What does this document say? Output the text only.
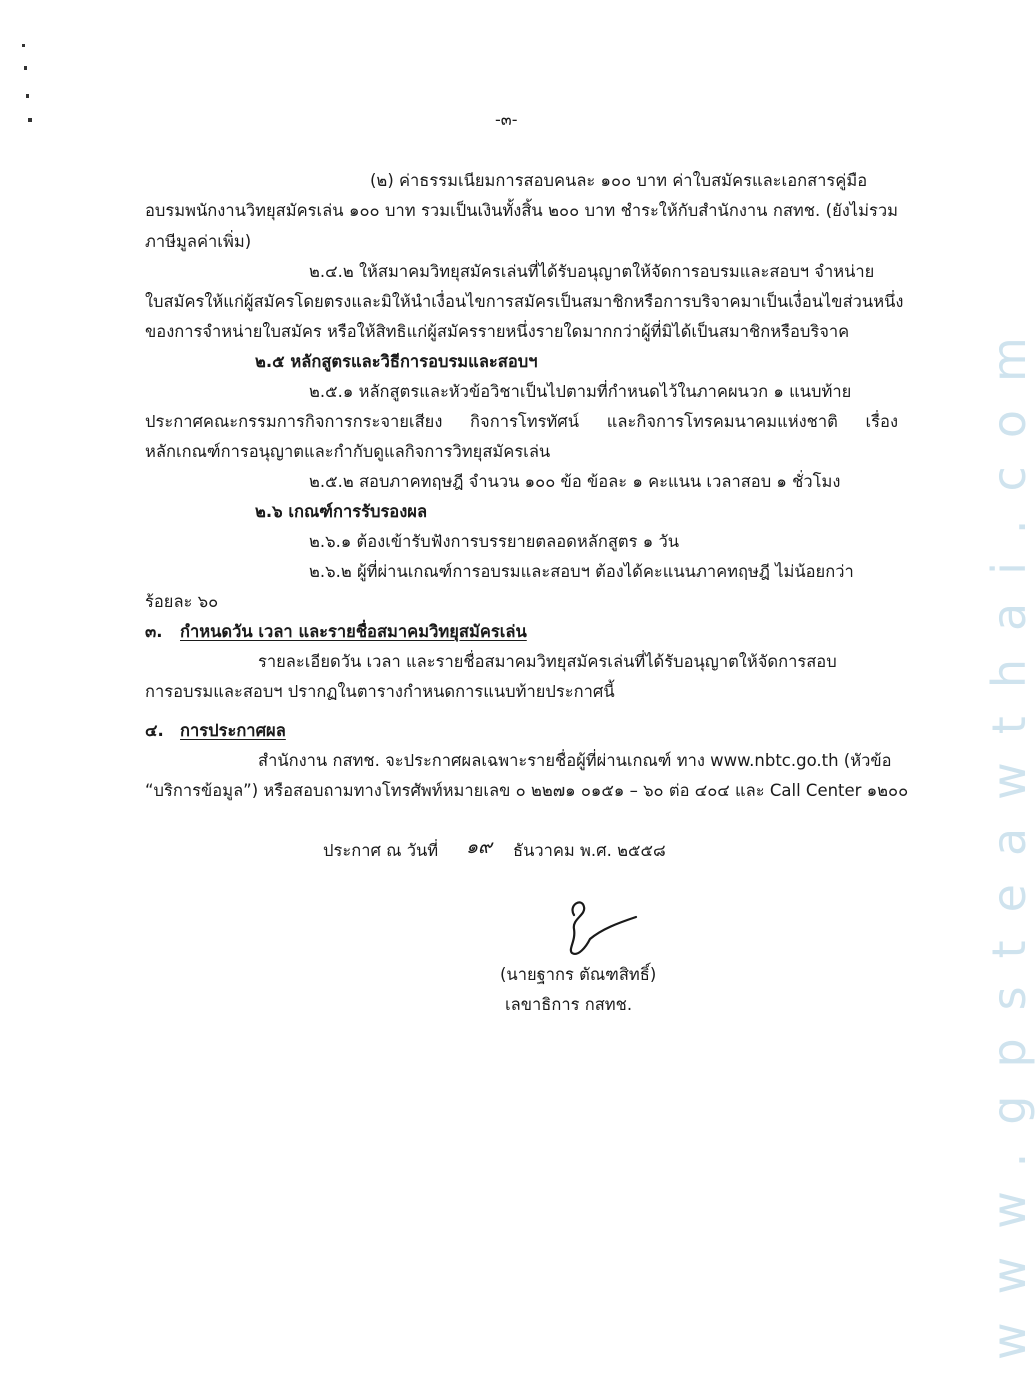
www.gpsteawthai.com
-๓-
(๒) ค่าธรรมเนียมการสอบคนละ ๑๐๐ บาท ค่าใบสมัครและเอกสารคู่มือ
อบรมพนักงานวิทยุสมัครเล่น ๑๐๐ บาท รวมเป็นเงินทั้งสิ้น ๒๐๐ บาท ชำระให้กับสำนักงาน กสทช. (ยังไม่รวม
ภาษีมูลค่าเพิ่ม)
๒.๔.๒ ให้สมาคมวิทยุสมัครเล่นที่ได้รับอนุญาตให้จัดการอบรมและสอบฯ จำหน่าย
ใบสมัครให้แก่ผู้สมัครโดยตรงและมิให้นำเงื่อนไขการสมัครเป็นสมาชิกหรือการบริจาคมาเป็นเงื่อนไขส่วนหนึ่ง
ของการจำหน่ายใบสมัคร หรือให้สิทธิแก่ผู้สมัครรายหนึ่งรายใดมากกว่าผู้ที่มิได้เป็นสมาชิกหรือบริจาค
๒.๕ หลักสูตรและวิธีการอบรมและสอบฯ
๒.๕.๑ หลักสูตรและหัวข้อวิชาเป็นไปตามที่กำหนดไว้ในภาคผนวก ๑ แนบท้าย
ประกาศคณะกรรมการกิจการกระจายเสียง กิจการโทรทัศน์ และกิจการโทรคมนาคมแห่งชาติ เรื่อง
หลักเกณฑ์การอนุญาตและกำกับดูแลกิจการวิทยุสมัครเล่น
๒.๕.๒ สอบภาคทฤษฎี จำนวน ๑๐๐ ข้อ ข้อละ ๑ คะแนน เวลาสอบ ๑ ชั่วโมง
๒.๖ เกณฑ์การรับรองผล
๒.๖.๑ ต้องเข้ารับฟังการบรรยายตลอดหลักสูตร ๑ วัน
๒.๖.๒ ผู้ที่ผ่านเกณฑ์การอบรมและสอบฯ ต้องได้คะแนนภาคทฤษฎี ไม่น้อยกว่า
ร้อยละ ๖๐
๓. กำหนดวัน เวลา และรายชื่อสมาคมวิทยุสมัครเล่น
รายละเอียดวัน เวลา และรายชื่อสมาคมวิทยุสมัครเล่นที่ได้รับอนุญาตให้จัดการสอบ
การอบรมและสอบฯ ปรากฏในตารางกำหนดการแนบท้ายประกาศนี้
๔. การประกาศผล
สำนักงาน กสทช. จะประกาศผลเฉพาะรายชื่อผู้ที่ผ่านเกณฑ์ ทาง www.nbtc.go.th (หัวข้อ
“บริการข้อมูล”) หรือสอบถามทางโทรศัพท์หมายเลข ๐ ๒๒๗๑ ๐๑๕๑ – ๖๐ ต่อ ๔๐๔ และ Call Center ๑๒๐๐
ประกาศ ณ วันที่ ๑๙ ธันวาคม พ.ศ. ๒๕๕๘
(นายฐากร ตัณฑสิทธิ์)
เลขาธิการ กสทช.
